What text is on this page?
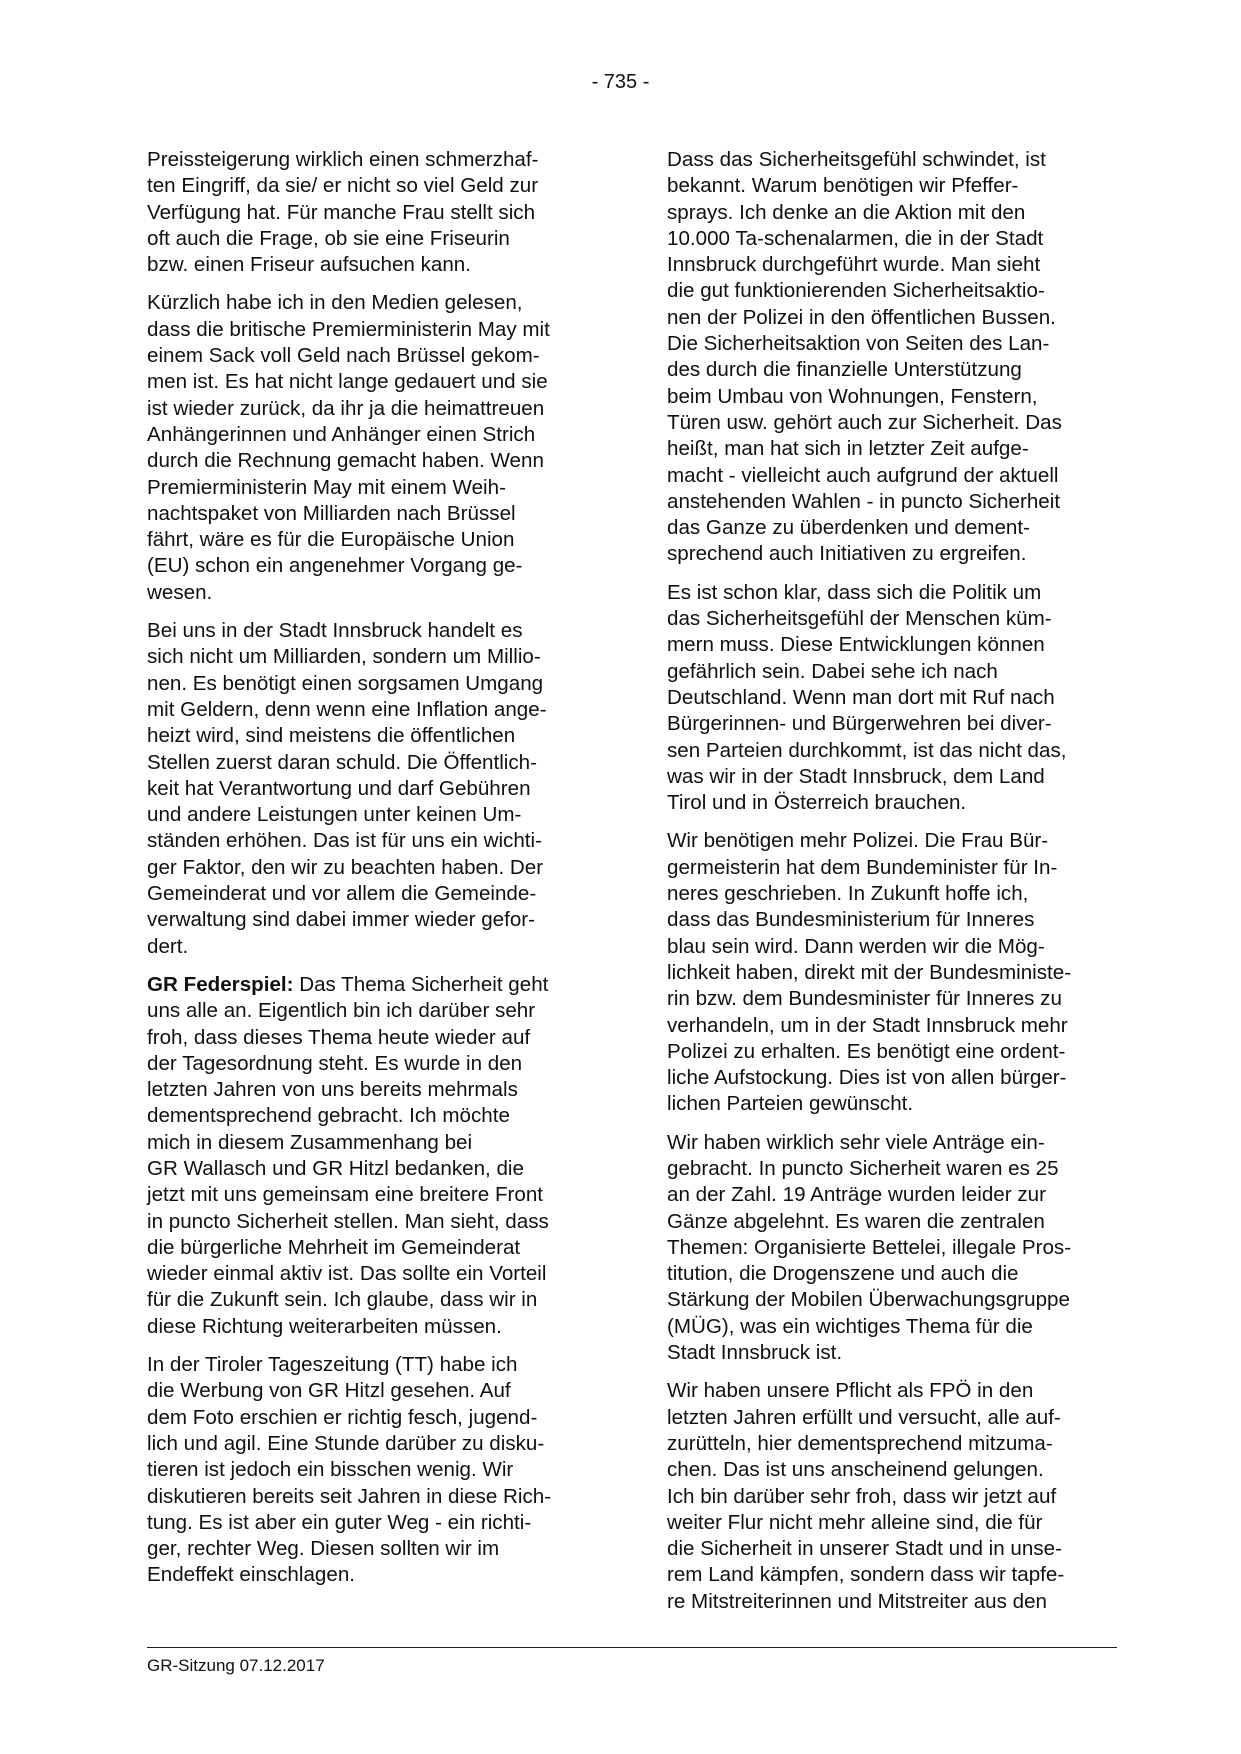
- 735 -

Preissteigerung wirklich einen schmerzhaf-
ten Eingriff, da sie/ er nicht so viel Geld zur
Verfügung hat. Für manche Frau stellt sich
oft auch die Frage, ob sie eine Friseurin
bzw. einen Friseur aufsuchen kann.

Kürzlich habe ich in den Medien gelesen,
dass die britische Premierministerin May mit
einem Sack voll Geld nach Brüssel gekom-
men ist. Es hat nicht lange gedauert und sie
ist wieder zurück, da ihr ja die heimattreuen
Anhängerinnen und Anhänger einen Strich
durch die Rechnung gemacht haben. Wenn
Premierministerin May mit einem Weih-
nachtspaket von Milliarden nach Brüssel
fährt, wäre es für die Europäische Union
(EU) schon ein angenehmer Vorgang ge-
wesen.

Bei uns in der Stadt Innsbruck handelt es
sich nicht um Milliarden, sondern um Millio-
nen. Es benötigt einen sorgsamen Umgang
mit Geldern, denn wenn eine Inflation ange-
heizt wird, sind meistens die öffentlichen
Stellen zuerst daran schuld. Die Öffentlich-
keit hat Verantwortung und darf Gebühren
und andere Leistungen unter keinen Um-
ständen erhöhen. Das ist für uns ein wichti-
ger Faktor, den wir zu beachten haben. Der
Gemeinderat und vor allem die Gemeinde-
verwaltung sind dabei immer wieder gefor-
dert.

GR Federspiel: Das Thema Sicherheit geht
uns alle an. Eigentlich bin ich darüber sehr
froh, dass dieses Thema heute wieder auf
der Tagesordnung steht. Es wurde in den
letzten Jahren von uns bereits mehrmals
dementsprechend gebracht. Ich möchte
mich in diesem Zusammenhang bei
GR Wallasch und GR Hitzl bedanken, die
jetzt mit uns gemeinsam eine breitere Front
in puncto Sicherheit stellen. Man sieht, dass
die bürgerliche Mehrheit im Gemeinderat
wieder einmal aktiv ist. Das sollte ein Vorteil
für die Zukunft sein. Ich glaube, dass wir in
diese Richtung weiterarbeiten müssen.

In der Tiroler Tageszeitung (TT) habe ich
die Werbung von GR Hitzl gesehen. Auf
dem Foto erschien er richtig fesch, jugend-
lich und agil. Eine Stunde darüber zu disku-
tieren ist jedoch ein bisschen wenig. Wir
diskutieren bereits seit Jahren in diese Rich-
tung. Es ist aber ein guter Weg - ein richti-
ger, rechter Weg. Diesen sollten wir im
Endeffekt einschlagen.

Dass das Sicherheitsgefühl schwindet, ist
bekannt. Warum benötigen wir Pfeffer-
sprays. Ich denke an die Aktion mit den
10.000 Ta-schenalarmen, die in der Stadt
Innsbruck durchgeführt wurde. Man sieht
die gut funktionierenden Sicherheitsaktio-
nen der Polizei in den öffentlichen Bussen.
Die Sicherheitsaktion von Seiten des Lan-
des durch die finanzielle Unterstützung
beim Umbau von Wohnungen, Fenstern,
Türen usw. gehört auch zur Sicherheit. Das
heißt, man hat sich in letzter Zeit aufge-
macht - vielleicht auch aufgrund der aktuell
anstehenden Wahlen - in puncto Sicherheit
das Ganze zu überdenken und dement-
sprechend auch Initiativen zu ergreifen.

Es ist schon klar, dass sich die Politik um
das Sicherheitsgefühl der Menschen küm-
mern muss. Diese Entwicklungen können
gefährlich sein. Dabei sehe ich nach
Deutschland. Wenn man dort mit Ruf nach
Bürgerinnen- und Bürgerwehren bei diver-
sen Parteien durchkommt, ist das nicht das,
was wir in der Stadt Innsbruck, dem Land
Tirol und in Österreich brauchen.

Wir benötigen mehr Polizei. Die Frau Bür-
germeisterin hat dem Bundeminister für In-
neres geschrieben. In Zukunft hoffe ich,
dass das Bundesministerium für Inneres
blau sein wird. Dann werden wir die Mög-
lichkeit haben, direkt mit der Bundesministe-
rin bzw. dem Bundesminister für Inneres zu
verhandeln, um in der Stadt Innsbruck mehr
Polizei zu erhalten. Es benötigt eine ordent-
liche Aufstockung. Dies ist von allen bürger-
lichen Parteien gewünscht.

Wir haben wirklich sehr viele Anträge ein-
gebracht. In puncto Sicherheit waren es 25
an der Zahl. 19 Anträge wurden leider zur
Gänze abgelehnt. Es waren die zentralen
Themen: Organisierte Bettelei, illegale Pros-
titution, die Drogenszene und auch die
Stärkung der Mobilen Überwachungsgruppe
(MÜG), was ein wichtiges Thema für die
Stadt Innsbruck ist.

Wir haben unsere Pflicht als FPÖ in den
letzten Jahren erfüllt und versucht, alle auf-
zurütteln, hier dementsprechend mitzuma-
chen. Das ist uns anscheinend gelungen.
Ich bin darüber sehr froh, dass wir jetzt auf
weiter Flur nicht mehr alleine sind, die für
die Sicherheit in unserer Stadt und in unse-
rem Land kämpfen, sondern dass wir tapfe-
re Mitstreiterinnen und Mitstreiter aus den

GR-Sitzung 07.12.2017
